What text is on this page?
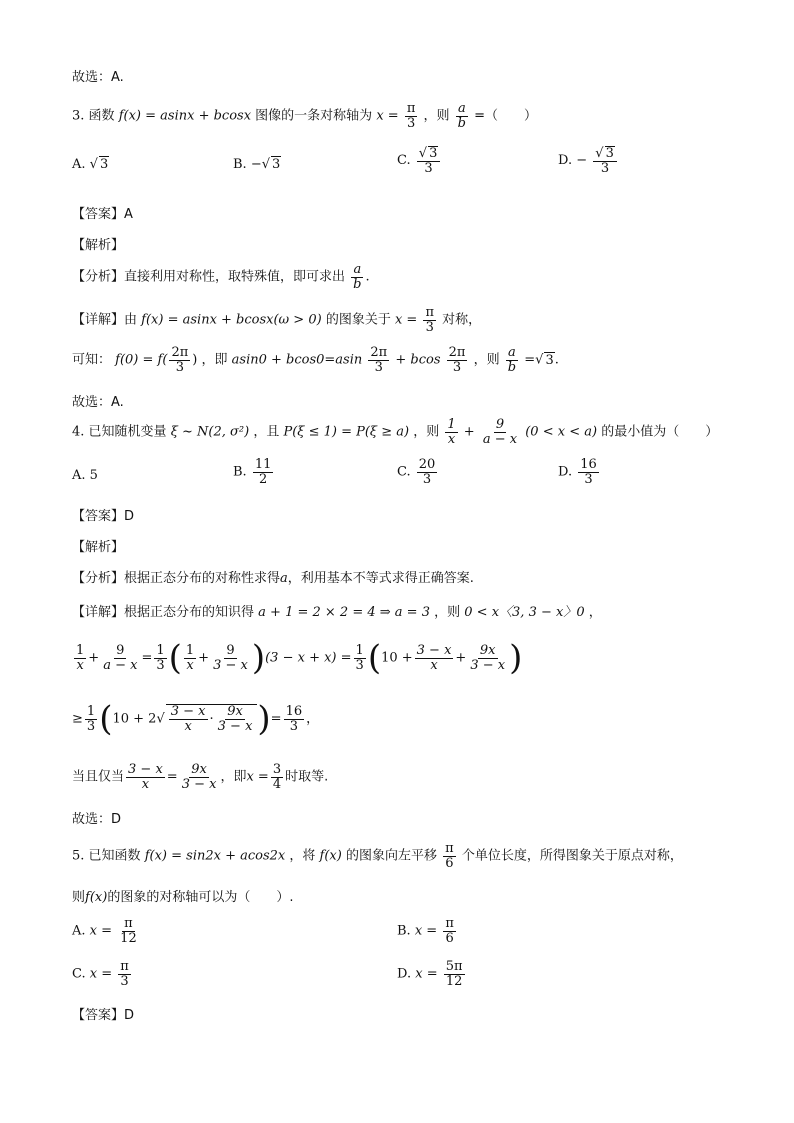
故选：A.
3. 函数 f(x) = asinx + bcosx 图像的一条对称轴为 $x = \frac{\pi}{3}$ ，则 $\frac{a}{b}$ =（　　）
A. √ 3	B. −√ 3	C. $\frac{√ 3}{3}$	D. − $\frac{√ 3}{3}$
【答案】A
【解析】
【分析】直接利用对称性，取特殊值，即可求出 $\frac{a}{b}$ .
【详解】由 f(x) = asinx + bcosx(ω > 0) 的图象关于 $x = \frac{\pi}{3}$ 对称，
可知： $f(0) = f( \frac{2\pi}{3}$ ) ，即 $asin0 + bcos0=asin \frac{2\pi}{3} + bcos \frac{2\pi}{3}$ ，则 $\frac{a}{b}$ =√ 3.
故选：A.
4. 已知随机变量 ξ ~ N(2, σ²) ，且 P(ξ ≤ 1) = P(ξ ≥ a) ，则 $\frac{1}{x} + \frac{9}{a - x} (0 < x < a)$ 的最小值为（　　）
A. 5	B. $\frac{11}{2}$	C. $\frac{20}{3}$	D. $\frac{16}{3}$
【答案】D
【解析】
【分析】根据正态分布的对称性求得a，利用基本不等式求得正确答案.
【详解】根据正态分布的知识得 a + 1 = 2 × 2 = 4 ⇒ a = 3 ，则 0 < x〈3, 3 − x〉0 ，
$\frac{1}{x} + \frac{9}{a - x} = \frac{1}{3}$ ( $\frac{1}{x} + \frac{9}{3 - x} )(3 - x + x) = \frac{1}{3} (10 + \frac{3 - x}{x} + \frac{9x}{3 - x}$ )
≥ $\frac{1}{3} (10 + 2√ \frac{3 - x}{x} \cdot \frac{9x}{3 - x}$ )= $\frac{16}{3}$ ，
当且仅当 $\frac{3 - x}{x} = \frac{9x}{3 - x}$ ，即$x = \frac{3}{4}$ 时取等.
故选：D
5. 已知函数 f(x) = sin2x + acos2x ，将 f(x) 的图象向左平移 $\frac{\pi}{6}$ 个单位长度，所得图象关于原点对称，
则f(x)的图象的对称轴可以为（　　）.
A. $x = \frac{\pi}{12}$	B. $x = \frac{\pi}{6}$
C. $x = \frac{\pi}{3}$	D. $x = \frac{5\pi}{12}$
【答案】D
